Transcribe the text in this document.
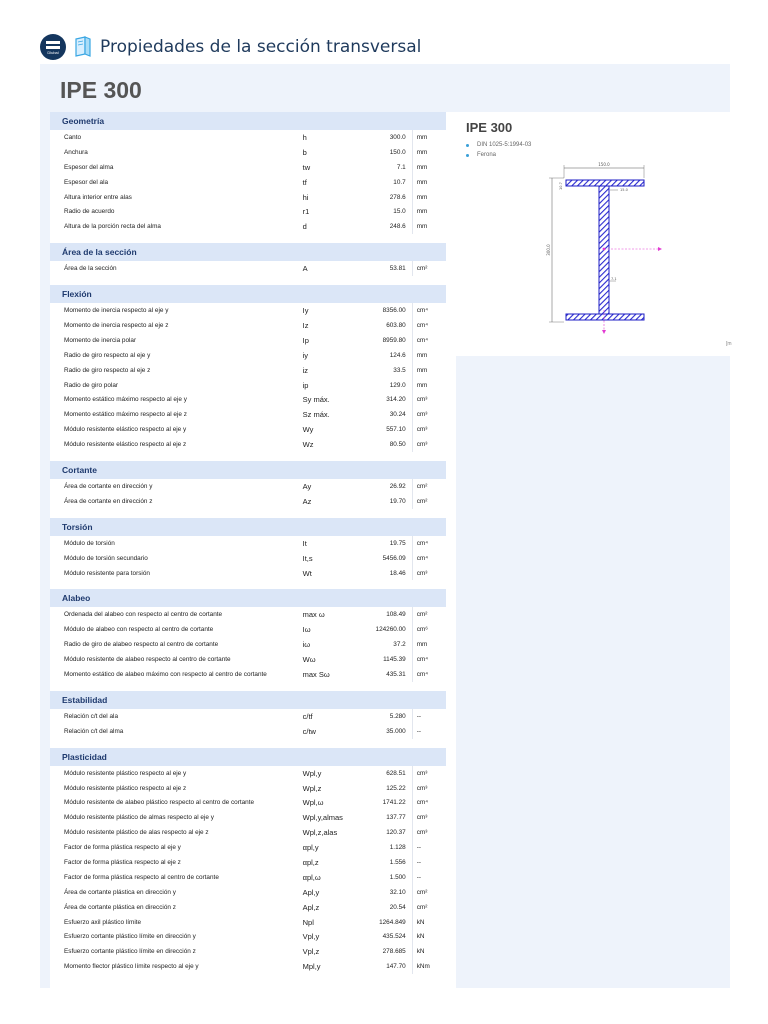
Dlubal Propiedades de la sección transversal
IPE 300
Geometría			
Canto	h	300.0	mm
Anchura	b	150.0	mm
Espesor del alma	tw	7.1	mm
Espesor del ala	tf	10.7	mm
Altura interior entre alas	hi	278.6	mm
Radio de acuerdo	r1	15.0	mm
Altura de la porción recta del alma	d	248.6	mm

Área de la sección			
Área de la sección	A	53.81	cm²

Flexión			
Momento de inercia respecto al eje y	Iy	8356.00	cm⁴
Momento de inercia respecto al eje z	Iz	603.80	cm⁴
Momento de inercia polar	Ip	8959.80	cm⁴
Radio de giro respecto al eje y	iy	124.6	mm
Radio de giro respecto al eje z	iz	33.5	mm
Radio de giro polar	ip	129.0	mm
Momento estático máximo respecto al eje y	Sy máx.	314.20	cm³
Momento estático máximo respecto al eje z	Sz máx.	30.24	cm³
Módulo resistente elástico respecto al eje y	Wy	557.10	cm³
Módulo resistente elástico respecto al eje z	Wz	80.50	cm³

Cortante			
Área de cortante en dirección y	Ay	26.92	cm²
Área de cortante en dirección z	Az	19.70	cm²

Torsión			
Módulo de torsión	It	19.75	cm⁴
Módulo de torsión secundario	It,s	5456.09	cm⁴
Módulo resistente para torsión	Wt	18.46	cm³

Alabeo			
Ordenada del alabeo con respecto al centro de cortante	max ω	108.49	cm²
Módulo de alabeo con respecto al centro de cortante	Iω	124260.00	cm⁶
Radio de giro de alabeo respecto al centro de cortante	iω	37.2	mm
Módulo resistente de alabeo respecto al centro de cortante	Wω	1145.39	cm⁴
Momento estático de alabeo máximo con respecto al centro de cortante	max Sω	435.31	cm⁴

Estabilidad			
Relación c/t del ala	c/tf	5.280	--
Relación c/t del alma	c/tw	35.000	--

Plasticidad			
Módulo resistente plástico respecto al eje y	Wpl,y	628.51	cm³
Módulo resistente plástico respecto al eje z	Wpl,z	125.22	cm³
Módulo resistente de alabeo plástico respecto al centro de cortante	Wpl,ω	1741.22	cm⁴
Módulo resistente plástico de almas respecto al eje y	Wpl,y,almas	137.77	cm³
Módulo resistente plástico de alas respecto al eje z	Wpl,z,alas	120.37	cm³
Factor de forma plástica respecto al eje y	αpl,y	1.128	--
Factor de forma plástica respecto al eje z	αpl,z	1.556	--
Factor de forma plástica respecto al centro de cortante	αpl,ω	1.500	--
Área de cortante plástica en dirección y	Apl,y	32.10	cm²
Área de cortante plástica en dirección z	Apl,z	20.54	cm²
Esfuerzo axil plástico límite	Npl	1264.849	kN
Esfuerzo cortante plástico límite en dirección y	Vpl,y	435.524	kN
Esfuerzo cortante plástico límite en dirección z	Vpl,z	278.685	kN
Momento flector plástico límite respecto al eje y	Mpl,y	147.70	kNm
IPE 300
DIN 1025-5:1994-03
Ferona
150.0
300.0
10.7	15.0
7.1
[m
